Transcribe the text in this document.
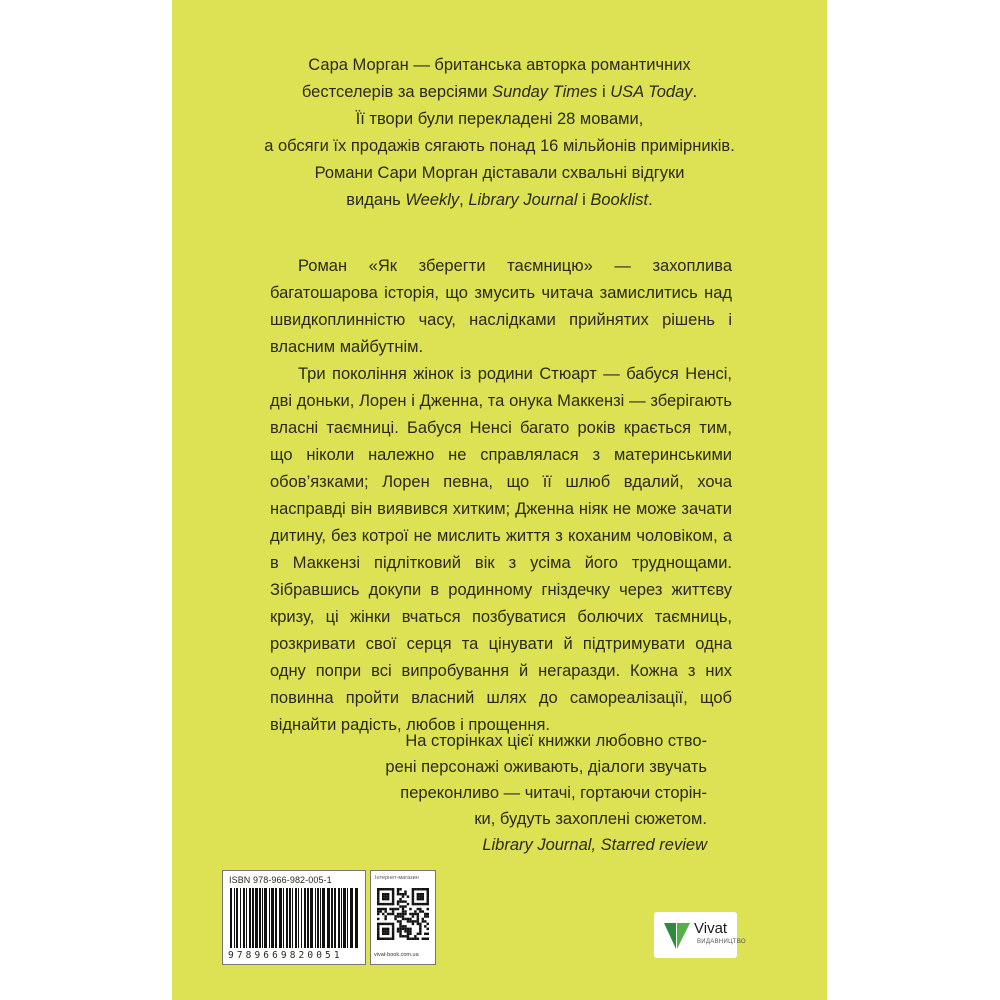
Сара Морган — британська авторка романтичних
бестселерів за версіями Sunday Times і USA Today.
Її твори були перекладені 28 мовами,
а обсяги їх продажів сягають понад 16 мільйонів примірників.
Романи Сари Морган діставали схвальні відгуки
видань Weekly, Library Journal і Booklist.

Роман «Як зберегти таємницю» — захоплива багатошарова історія, що змусить читача замислитись над швидкоплинністю часу, наслідками прийнятих рішень і власним майбутнім.

Три покоління жінок із родини Стюарт — бабуся Ненсі, дві доньки, Лорен і Дженна, та онука Маккензі — зберігають власні таємниці. Бабуся Ненсі багато років крається тим, що ніколи належно не справлялася з материнськими обов’язками; Лорен певна, що її шлюб вдалий, хоча насправді він виявився хитким; Дженна ніяк не може зачати дитину, без котрої не мислить життя з коханим чоловіком, а в Маккензі підлітковий вік з усіма його труднощами. Зібравшись докупи в родинному гніздечку через життєву кризу, ці жінки вчаться позбуватися болючих таємниць, розкривати свої серця та цінувати й підтримувати одна одну попри всі випробування й негаразди. Кожна з них повинна пройти власний шлях до самореалізації, щоб віднайти радість, любов і прощення.

На сторінках цієї книжки любовно ство-
рені персонажі оживають, діалоги звучать
переконливо — читачі, гортаючи сторін-
ки, будуть захоплені сюжетом.
Library Journal, Starred review
ISBN 978-966-982-005-1
9789669820051
Інтернет-магазин
vivat-book.com.ua
Vivat
ВИДАВНИЦТВО
